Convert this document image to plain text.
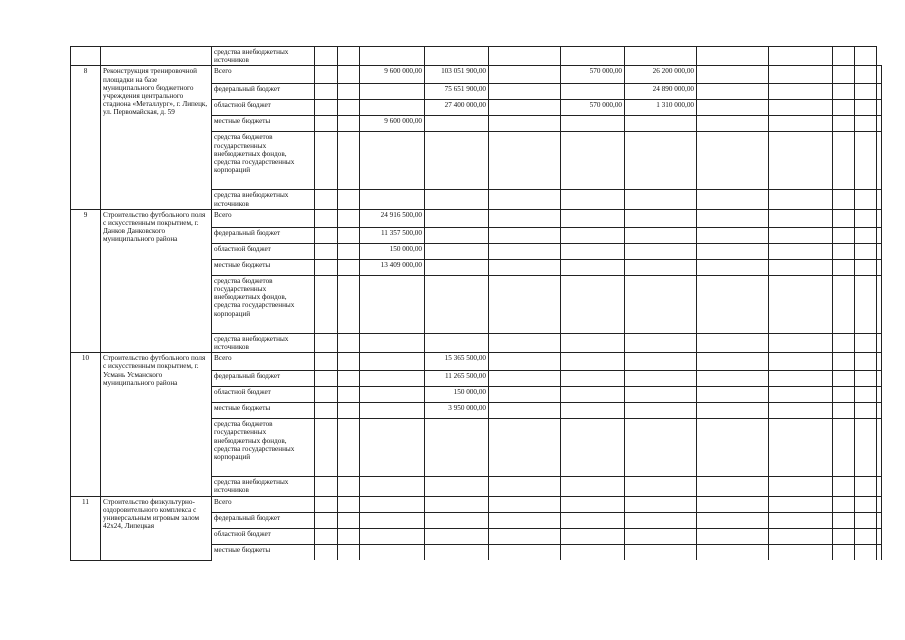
		средства внебюджетных источников												
8	Реконструкция тренировочной площадки на базе муниципального бюджетного учреждения центрального стадиона «Металлург», г. Липецк, ул. Первомайская, д. 59	Всего			9 600 000,00	103 051 900,00		570 000,00	26 200 000,00					
		федеральный бюджет				75 651 900,00			24 890 000,00					
		областной бюджет				27 400 000,00		570 000,00	1 310 000,00					
		местные бюджеты			9 600 000,00									
		средства бюджетов государственных внебюджетных фондов, средства государственных корпораций												
		средства внебюджетных источников												
9	Строительство футбольного поля с искусственным покрытием, г. Данков Данковского муниципального района	Всего			24 916 500,00									
		федеральный бюджет			11 357 500,00									
		областной бюджет			150 000,00									
		местные бюджеты			13 409 000,00									
		средства бюджетов государственных внебюджетных фондов, средства государственных корпораций												
		средства внебюджетных источников												
10	Строительство футбольного поля с искусственным покрытием, г. Усмань Усманского муниципального района	Всего				15 365 500,00								
		федеральный бюджет				11 265 500,00								
		областной бюджет				150 000,00								
		местные бюджеты				3 950 000,00								
		средства бюджетов государственных внебюджетных фондов, средства государственных корпораций												
		средства внебюджетных источников												
11	Строительство физкультурно-оздоровительного комплекса с универсальным игровым залом 42х24, Липецкая	Всего												
		федеральный бюджет												
		областной бюджет												
		местные бюджеты												
